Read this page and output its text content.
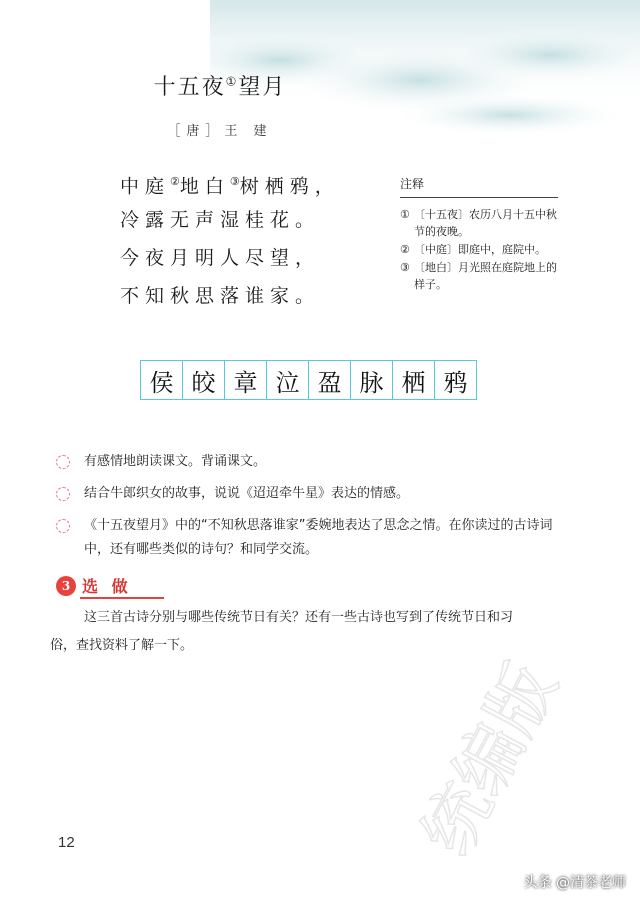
十五夜①望月
［唐］王 建
中庭②地白③树栖鸦，
冷露无声湿桂花。
今夜月明人尽望，
不知秋思落谁家。
注释
① 〔十五夜〕农历八月十五中秋节的夜晚。
② 〔中庭〕即庭中，庭院中。
③ 〔地白〕月光照在庭院地上的样子。
侯 皎 章 泣 盈 脉 栖 鸦
有感情地朗读课文。背诵课文。
结合牛郎织女的故事，说说《迢迢牵牛星》表达的情感。
《十五夜望月》中的“不知秋思落谁家”委婉地表达了思念之情。在你读过的古诗词中，还有哪些类似的诗句？和同学交流。
3 选 做
这三首古诗分别与哪些传统节日有关？还有一些古诗也写到了传统节日和习俗，查找资料了解一下。
12	统编版
头条 @清茶老师
